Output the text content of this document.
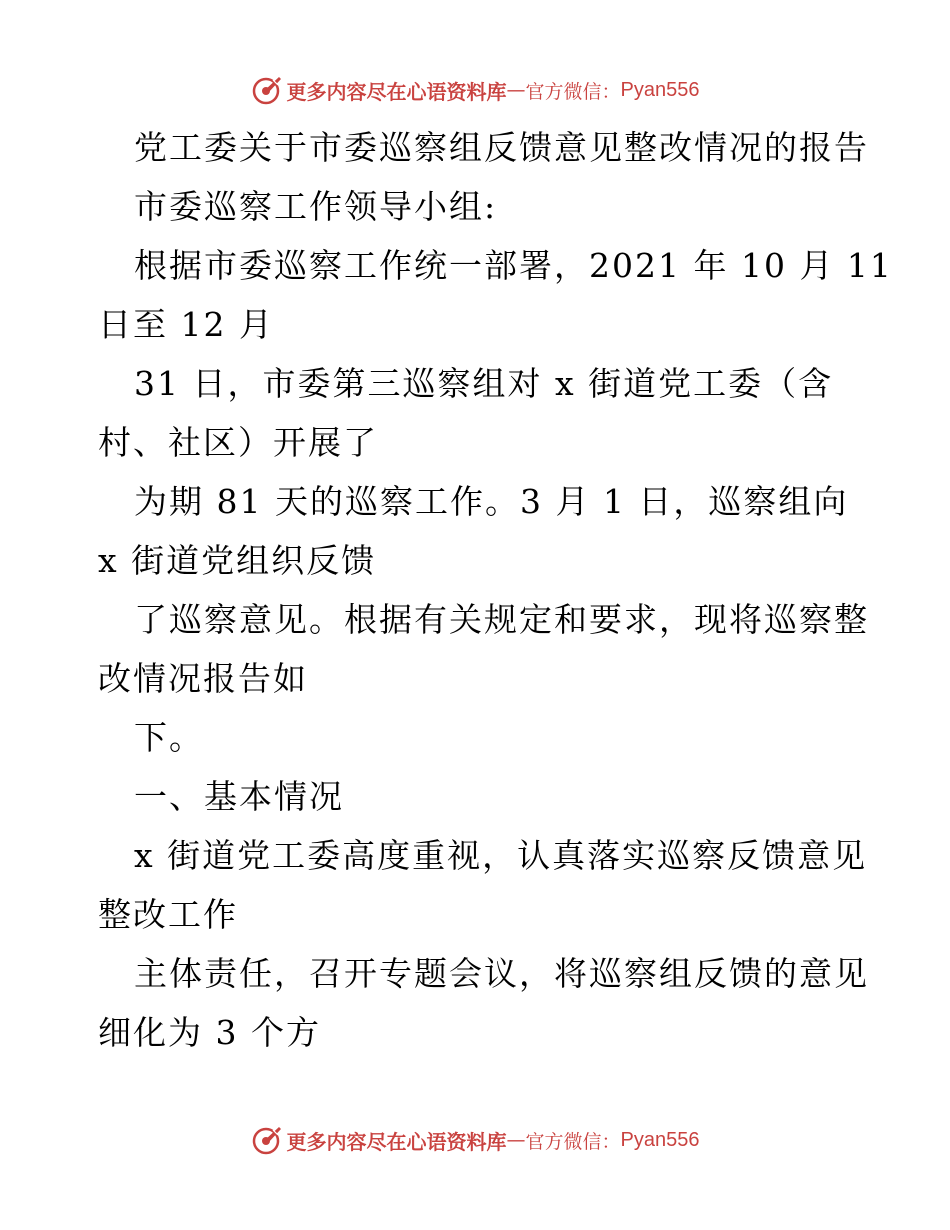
更多内容尽在心语资料库 — 官方微信： Pyan556
党工委关于市委巡察组反馈意见整改情况的报告
市委巡察工作领导小组:
根据市委巡察工作统一部署，2021 年 10 月 11
日至 12 月
31 日，市委第三巡察组对 x 街道党工委（含
村、社区）开展了
为期 81 天的巡察工作。3 月 1 日，巡察组向
x 街道党组织反馈
了巡察意见。根据有关规定和要求，现将巡察整
改情况报告如
下。
一、基本情况
x 街道党工委高度重视，认真落实巡察反馈意见
整改工作
主体责任，召开专题会议，将巡察组反馈的意见
细化为 3 个方
更多内容尽在心语资料库 — 官方微信： Pyan556
